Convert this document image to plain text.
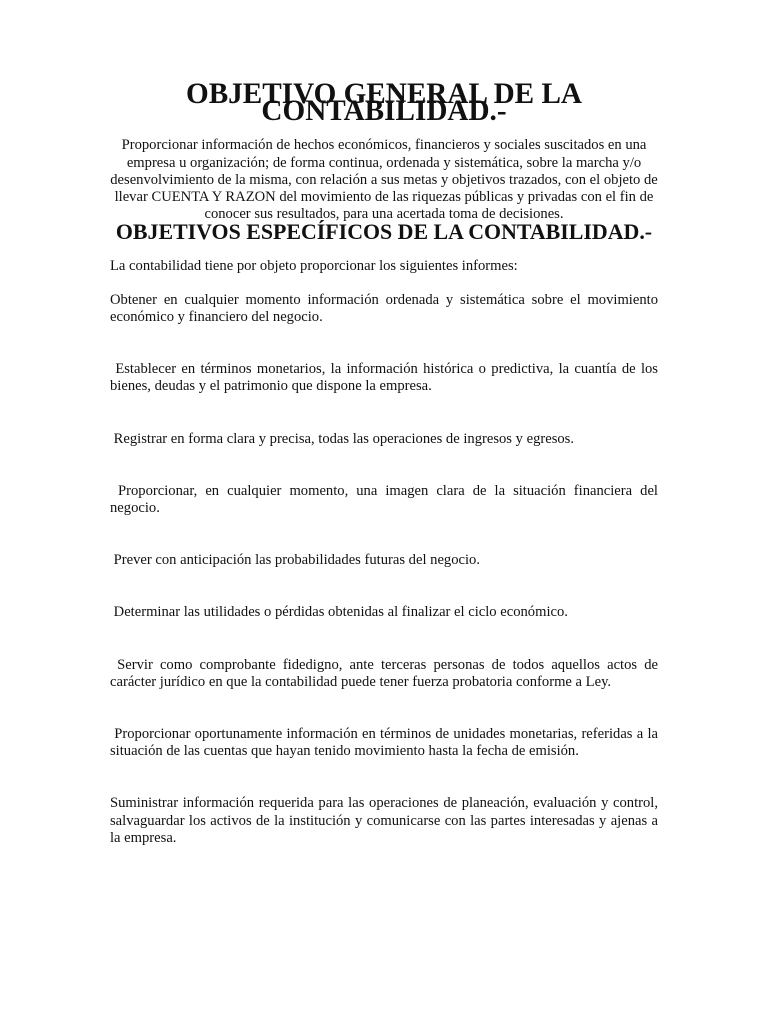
OBJETIVO GENERAL DE LA CONTABILIDAD.-

Proporcionar información de hechos económicos, financieros y sociales suscitados en una empresa u organización; de forma continua, ordenada y sistemática, sobre la marcha y/o desenvolvimiento de la misma, con relación a sus metas y objetivos trazados, con el objeto de llevar CUENTA Y RAZON del movimiento de las riquezas públicas y privadas con el fin de conocer sus resultados, para una acertada toma de decisiones.

OBJETIVOS ESPECÍFICOS DE LA CONTABILIDAD.-

La contabilidad tiene por objeto proporcionar los siguientes informes:

Obtener en cualquier momento información ordenada y sistemática sobre el movimiento económico y financiero del negocio.
Establecer en términos monetarios, la información histórica o predictiva, la cuantía de los bienes, deudas y el patrimonio que dispone la empresa.
Registrar en forma clara y precisa, todas las operaciones de ingresos y egresos.
Proporcionar, en cualquier momento, una imagen clara de la situación financiera del negocio.
Prever con anticipación las probabilidades futuras del negocio.
Determinar las utilidades o pérdidas obtenidas al finalizar el ciclo económico.
Servir como comprobante fidedigno, ante terceras personas de todos aquellos actos de carácter jurídico en que la contabilidad puede tener fuerza probatoria conforme a Ley.
Proporcionar oportunamente información en términos de unidades monetarias, referidas a la situación de las cuentas que hayan tenido movimiento hasta la fecha de emisión.
Suministrar información requerida para las operaciones de planeación, evaluación y control, salvaguardar los activos de la institución y comunicarse con las partes interesadas y ajenas a la empresa.
